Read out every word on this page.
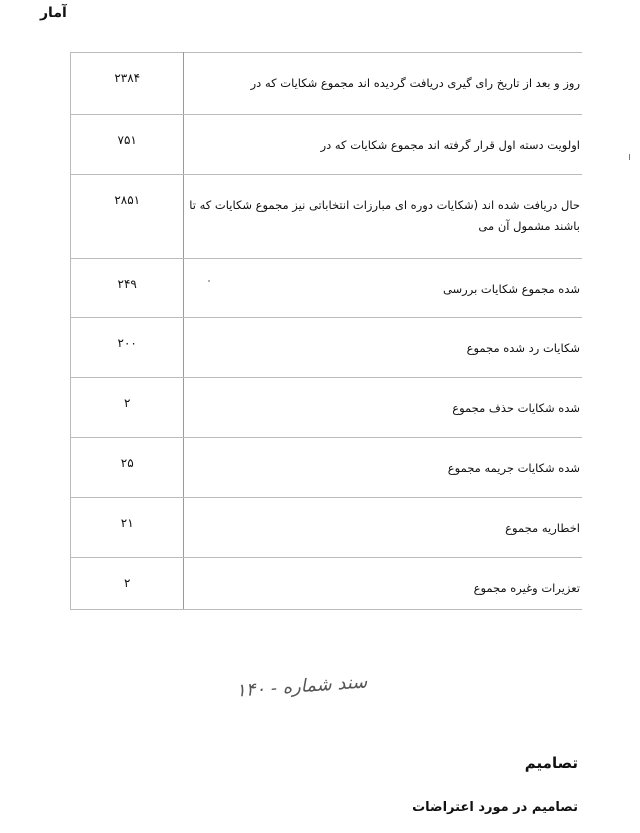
آمار
۲۳۸۴	روز و بعد از تاریخ رای گیری دریافت گردیده اند مجموع شکایات که در
۷۵۱	اولویت دسته اول قرار گرفته اند مجموع شکایات که در
۲۸۵۱	حال دریافت شده اند (شکایات دوره ای مبارزات انتخاباتی نیز مجموع شکایات که تا باشند مشمول آن می
۲۴۹	شده مجموع شکایات بررسی
۲۰۰	شکایات رد شده مجموع
۲	شده شکایات حذف مجموع
۲۵	شده شکایات جریمه مجموع
۲۱	اخطاریه مجموع
۲	تعزیرات وغیره مجموع
سند شماره - ۱۴۰
تصامیم
تصامیم در مورد اعتراضات
